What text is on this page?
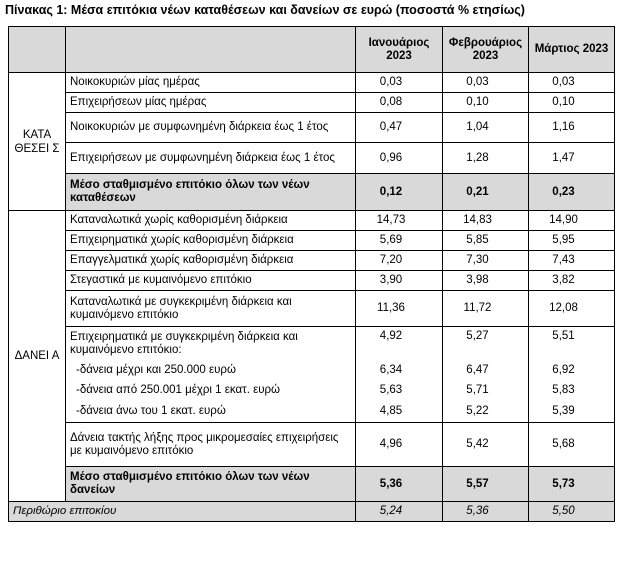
Πίνακας 1: Μέσα επιτόκια νέων καταθέσεων και δανείων σε ευρώ (ποσοστά % ετησίως)
		Ιανουάριος 2023	Φεβρουάριος 2023	Μάρτιος 2023
ΚΑΤΑ ΘΕΣΕΙ Σ	Νοικοκυριών μίας ημέρας	0,03	0,03	0,03
	Επιχειρήσεων μίας ημέρας	0,08	0,10	0,10
	Νοικοκυριών με συμφωνημένη διάρκεια έως 1 έτος	0,47	1,04	1,16
	Επιχειρήσεων με συμφωνημένη διάρκεια έως 1 έτος	0,96	1,28	1,47
	Μέσο σταθμισμένο επιτόκιο όλων των νέων καταθέσεων	0,12	0,21	0,23
ΔΑΝΕΙ Α	Καταναλωτικά χωρίς καθορισμένη διάρκεια	14,73	14,83	14,90
	Επιχειρηματικά χωρίς καθορισμένη διάρκεια	5,69	5,85	5,95
	Επαγγελματικά χωρίς καθορισμένη διάρκεια	7,20	7,30	7,43
	Στεγαστικά με κυμαινόμενο επιτόκιο	3,90	3,98	3,82
	Καταναλωτικά με συγκεκριμένη διάρκεια και κυμαινόμενο επιτόκιο	11,36	11,72	12,08
	Επιχειρηματικά με συγκεκριμένη διάρκεια και κυμαινόμενο επιτόκιο:	4,92	5,27	5,51
	-δάνεια μέχρι και 250.000 ευρώ	6,34	6,47	6,92
	-δάνεια από 250.001 μέχρι 1 εκατ. ευρώ	5,63	5,71	5,83
	-δάνεια άνω του 1 εκατ. ευρώ	4,85	5,22	5,39
	Δάνεια τακτής λήξης προς μικρομεσαίες επιχειρήσεις με κυμαινόμενο επιτόκιο	4,96	5,42	5,68
	Μέσο σταθμισμένο επιτόκιο όλων των νέων δανείων	5,36	5,57	5,73

Περιθώριο επιτοκίου		5,24	5,36	5,50
